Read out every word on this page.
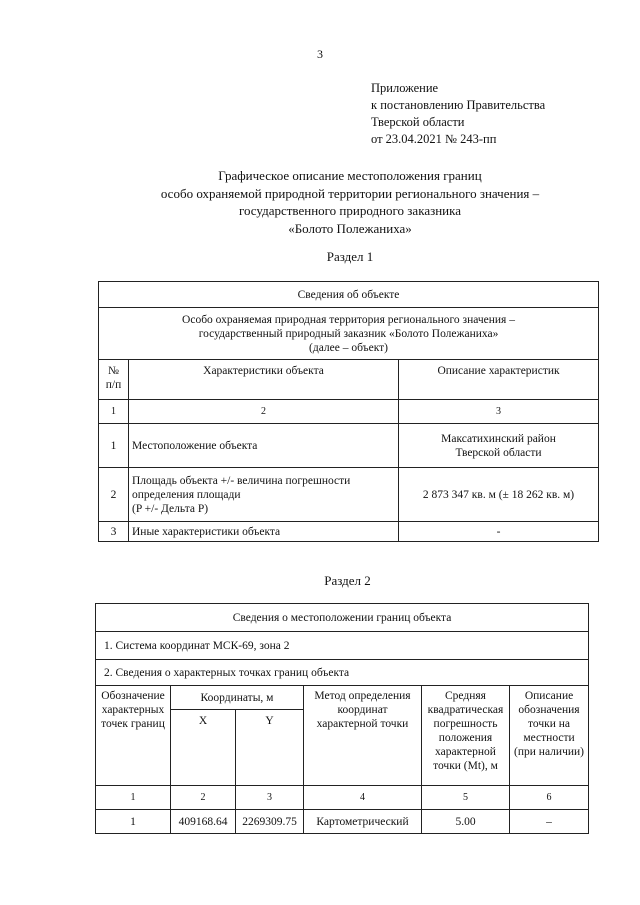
3
Приложение
к постановлению Правительства
Тверской области
от 23.04.2021 № 243-пп
Графическое описание местоположения границ
особо охраняемой природной территории регионального значения –
государственного природного заказника
«Болото Полежаниха»
Раздел 1
Сведения об объекте		

Особо охраняемая природная территория регионального значения –
государственный природный заказник «Болото Полежаниха»
(далее – объект)		

№ п/п	Характеристики объекта	Описание характеристик
1	2	3
1	Местоположение объекта	Максатихинский район
Тверской области

2	Площадь объекта +/- величина погрешности
определения площади
(P +/- Дельта P)	2 873 347 кв. м (± 18 262 кв. м)
3	Иные характеристики объекта	-
Раздел 2
Сведения о местоположении границ объекта					
1. Система координат МСК-69, зона 2					
2. Сведения о характерных точках границ объекта					
Обозначение характерных точек границ	Координаты, м		Метод определения координат характерной точки	Средняя квадратическая погрешность положения характерной точки (Mt), м	Описание обозначения точки на местности (при наличии)
	X	Y			
1	2	3	4	5	6
1	409168.64	2269309.75	Картометрический	5.00	–
